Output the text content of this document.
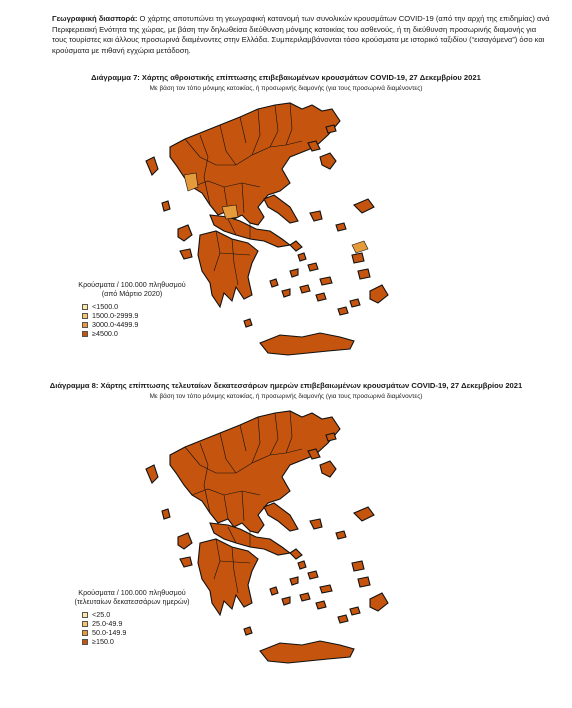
Γεωγραφική διασπορά: Ο χάρτης αποτυπώνει τη γεωγραφική κατανομή των συνολικών κρουσμάτων COVID-19 (από την αρχή της επιδημίας) ανά Περιφερειακή Ενότητα της χώρας, με βάση την δηλωθείσα διεύθυνση μόνιμης κατοικίας του ασθενούς, ή τη διεύθυνση προσωρινής διαμονής για τους τουρίστες και άλλους προσωρινά διαμένοντες στην Ελλάδα. Συμπεριλαμβάνονται τόσο κρούσματα με ιστορικό ταξιδίου (“εισαγόμενα”) όσο και κρούσματα με πιθανή εγχώρια μετάδοση.
Διάγραμμα 7: Χάρτης αθροιστικής επίπτωσης επιβεβαιωμένων κρουσμάτων COVID-19, 27 Δεκεμβρίου 2021
Με βάση τον τόπο μόνιμης κατοικίας, ή προσωρινής διαμονής (για τους προσωρινά διαμένοντες)
Κρούσματα / 100.000 πληθυσμού
(από Μάρτιο 2020)
<1500.0
1500.0-2999.9
3000.0-4499.9
≥4500.0
Διάγραμμα 8: Χάρτης επίπτωσης τελευταίων δεκατεσσάρων ημερών επιβεβαιωμένων κρουσμάτων COVID-19, 27 Δεκεμβρίου 2021
Με βάση τον τόπο μόνιμης κατοικίας, ή προσωρινής διαμονής (για τους προσωρινά διαμένοντες)
Κρούσματα / 100.000 πληθυσμού
(τελευταίων δεκατεσσάρων ημερών)
<25.0
25.0-49.9
50.0-149.9
≥150.0
